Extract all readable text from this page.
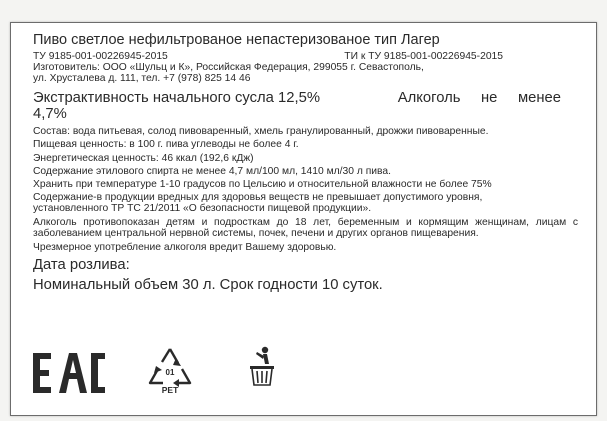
Пиво светлое нефильтрованое непастеризованое тип Лагер
ТУ 9185-001-00226945-2015	ТИ к ТУ 9185-001-00226945-2015
Изготовитель: ООО «Шульц и К», Российская Федерация, 299055 г. Севастополь,
ул. Хрусталева д. 111, тел. +7 (978) 825 14 46
Экстрактивность начального сусла 12,5%	Алкоголь     не     менее
4,7%
Состав: вода питьевая, солод пивоваренный, хмель гранулированный, дрожжи пивоваренные.
Пищевая ценность: в 100 г. пива углеводы не более 4 г.
Энергетическая ценность: 46 ккал (192,6 кДж)
Содержание этилового спирта не менее 4,7 мл/100 мл, 1410 мл/30 л пива.
Хранить при температуре 1-10 градусов по Цельсию и относительной влажности не более 75%
Содержание-в продукции вредных для здоровья веществ не превышает допустимого уровня,
установленного ТР ТС 21/2011 «О безопасности пищевой продукции».
Алкоголь противопоказан детям и подросткам до 18 лет, беременным и кормящим женщинам, лицам с заболеванием центральной нервной системы, почек, печени и других органов пищеварения.
Чрезмерное употребление алкоголя вредит Вашему здоровью.
Дата розлива:
Номинальный объем 30 л. Срок годности 10 суток.
01
PET
